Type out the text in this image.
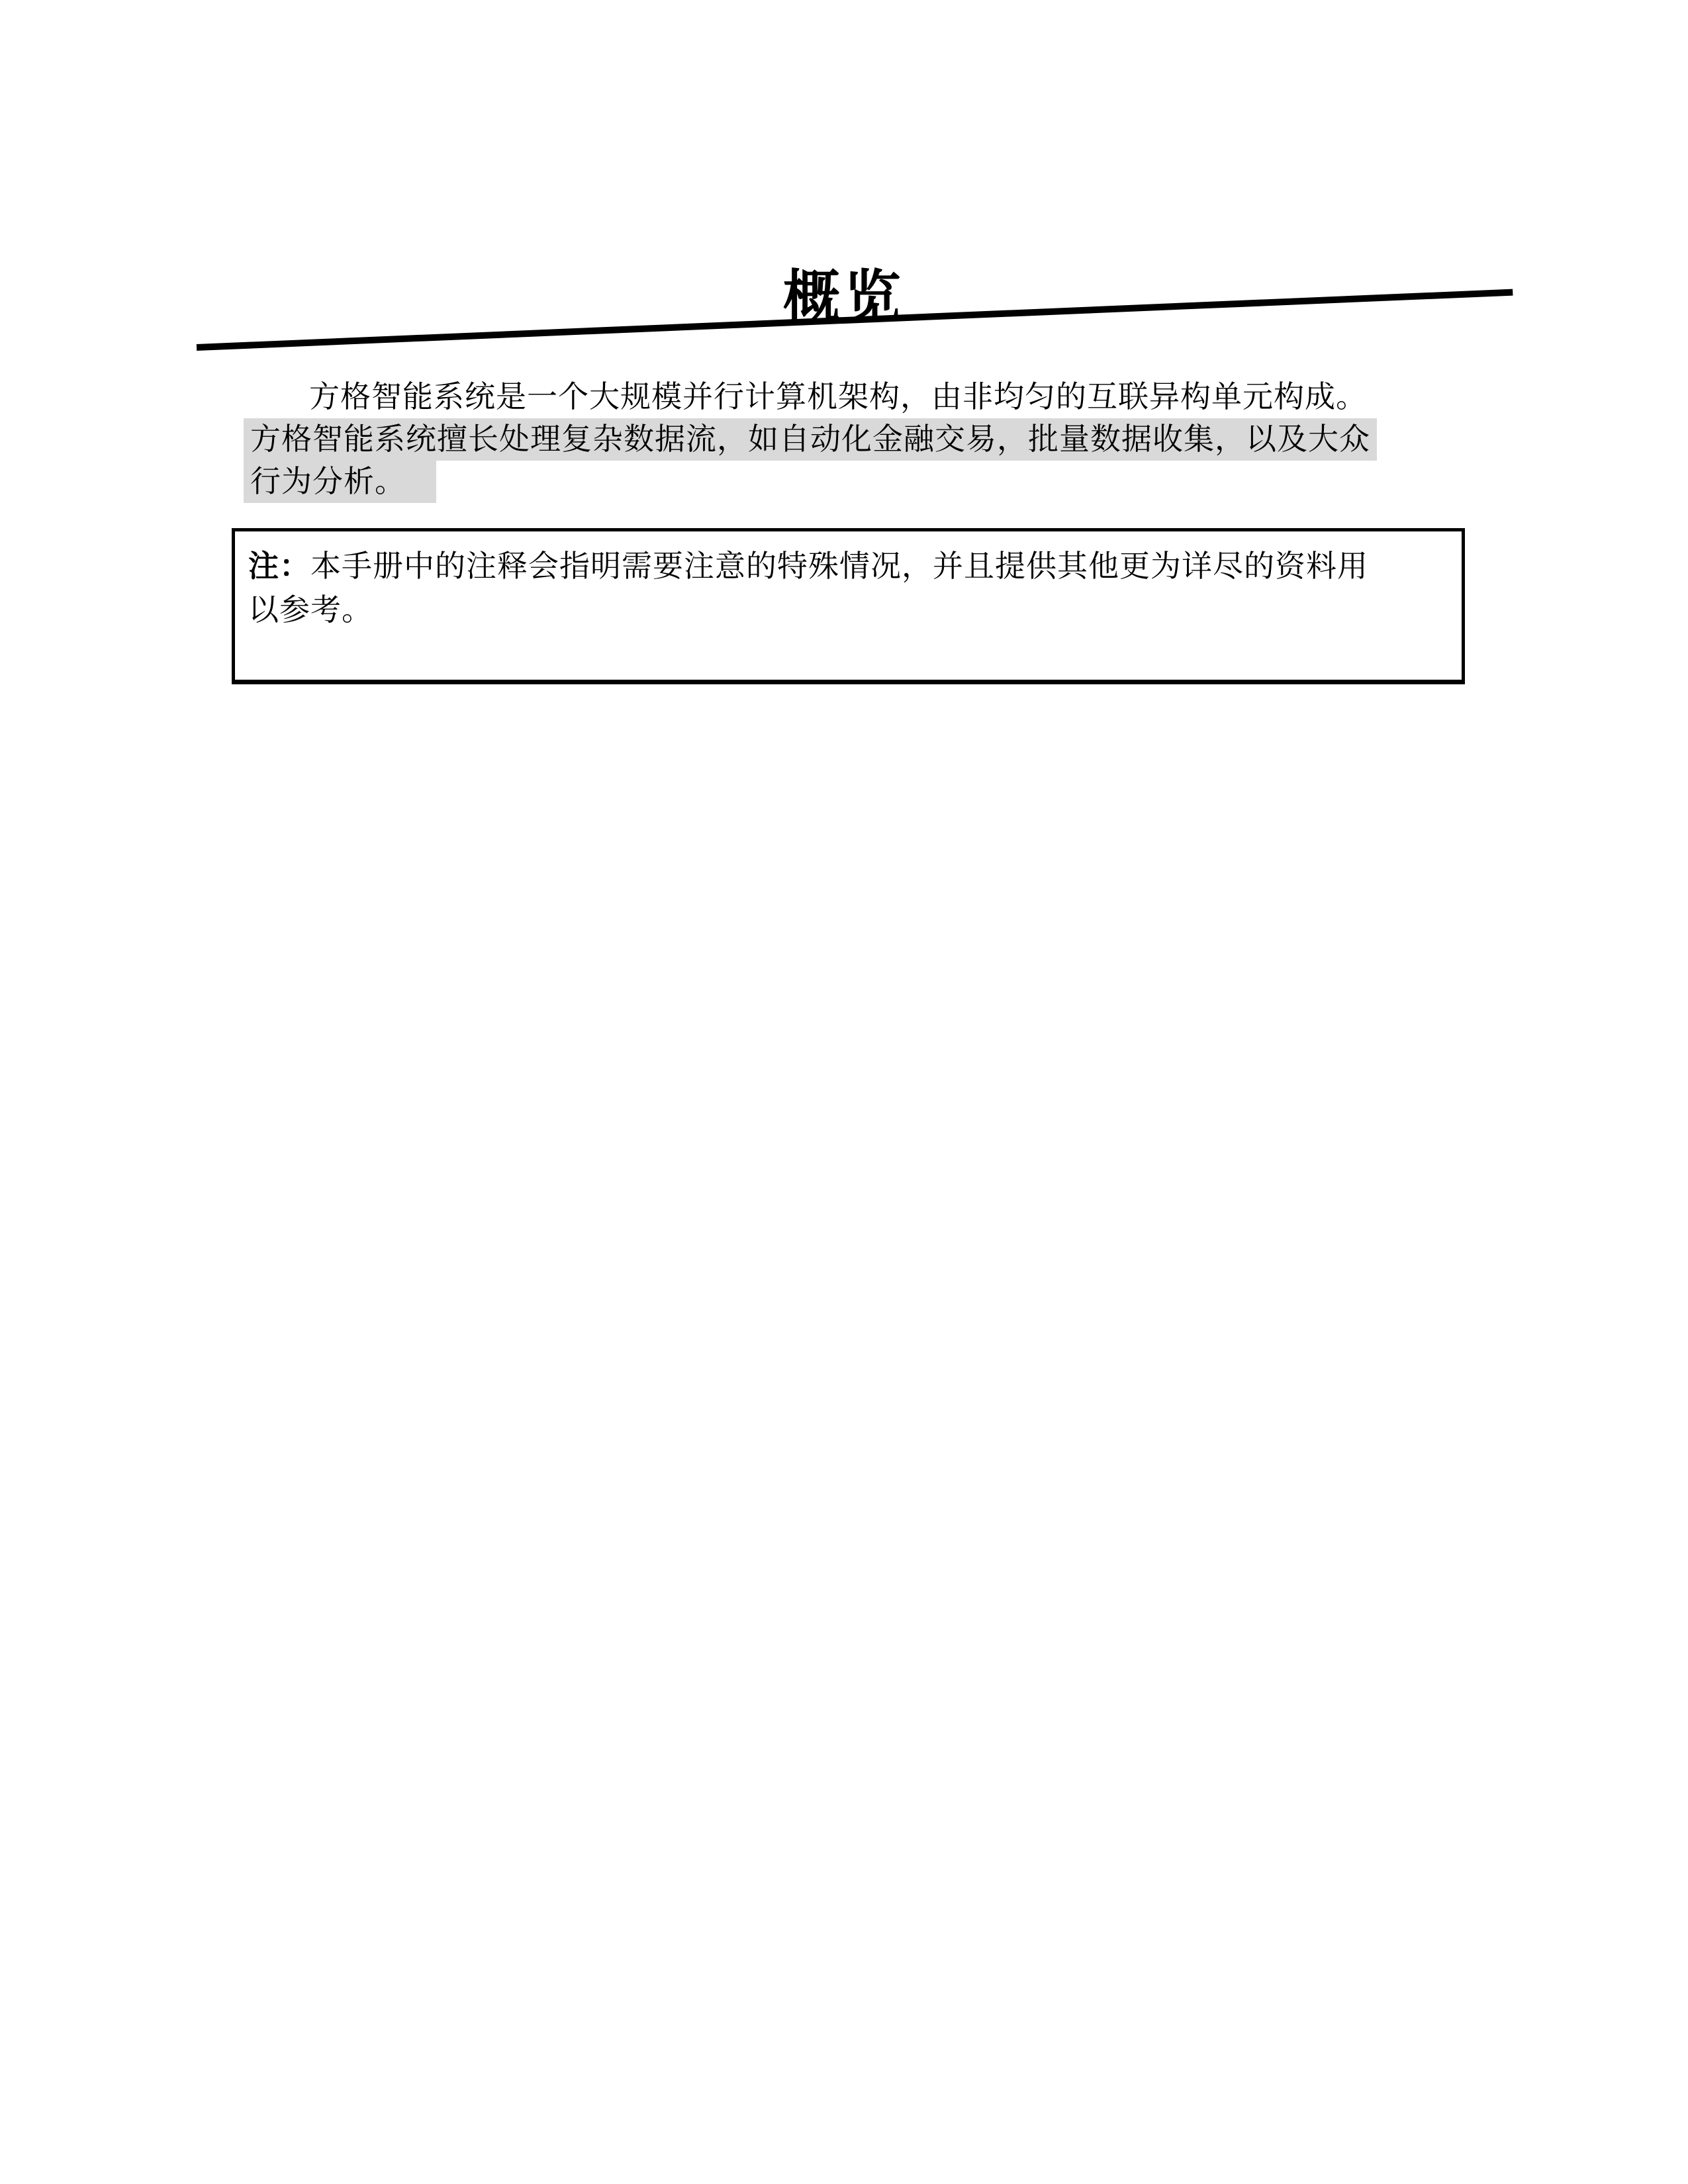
概览
方格智能系统是一个大规模并行计算机架构，由非均匀的互联异构单元构成。
方格智能系统擅长处理复杂数据流，如自动化金融交易，批量数据收集，以及大众
行为分析。
注：本手册中的注释会指明需要注意的特殊情况，并且提供其他更为详尽的资料用
以参考。
